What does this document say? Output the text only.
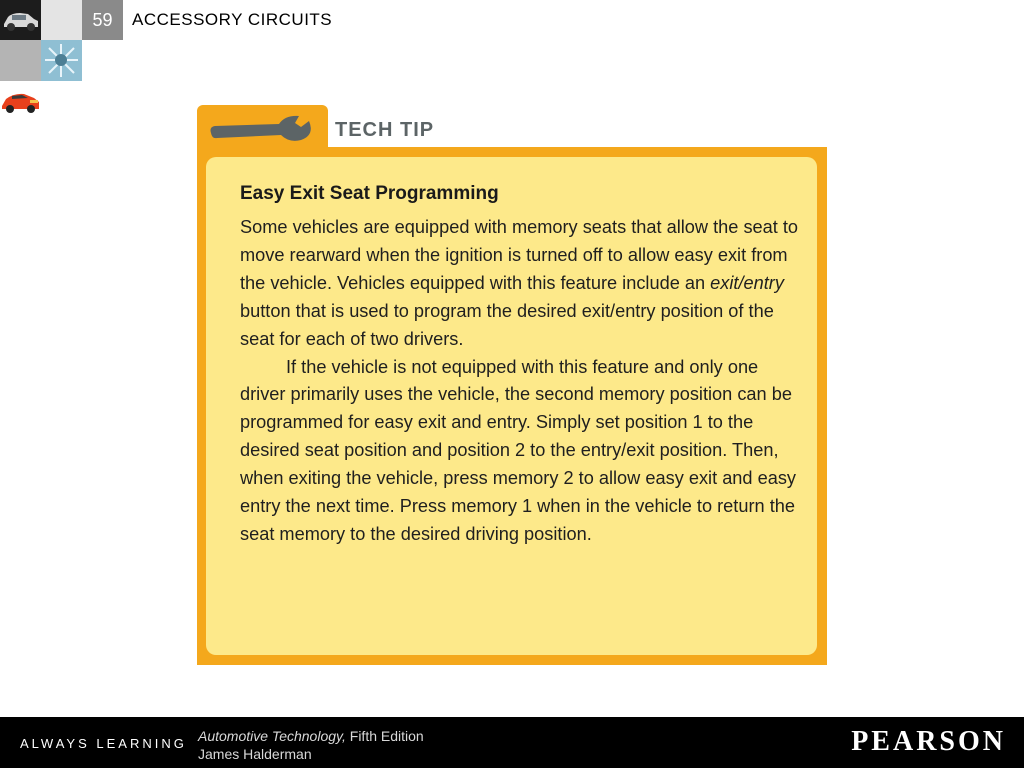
59	ACCESSORY CIRCUITS
TECH TIP
Easy Exit Seat Programming

Some vehicles are equipped with memory seats that allow the seat to move rearward when the ignition is turned off to allow easy exit from the vehicle. Vehicles equipped with this feature include an exit/entry button that is used to program the desired exit/entry position of the seat for each of two drivers.

If the vehicle is not equipped with this feature and only one driver primarily uses the vehicle, the second memory position can be programmed for easy exit and entry. Simply set position 1 to the desired seat position and position 2 to the entry/exit position. Then, when exiting the vehicle, press memory 2 to allow easy exit and easy entry the next time. Press memory 1 when in the vehicle to return the seat memory to the desired driving position.

ALWAYS LEARNING Automotive Technology, Fifth Edition
James Halderman	PEARSON
